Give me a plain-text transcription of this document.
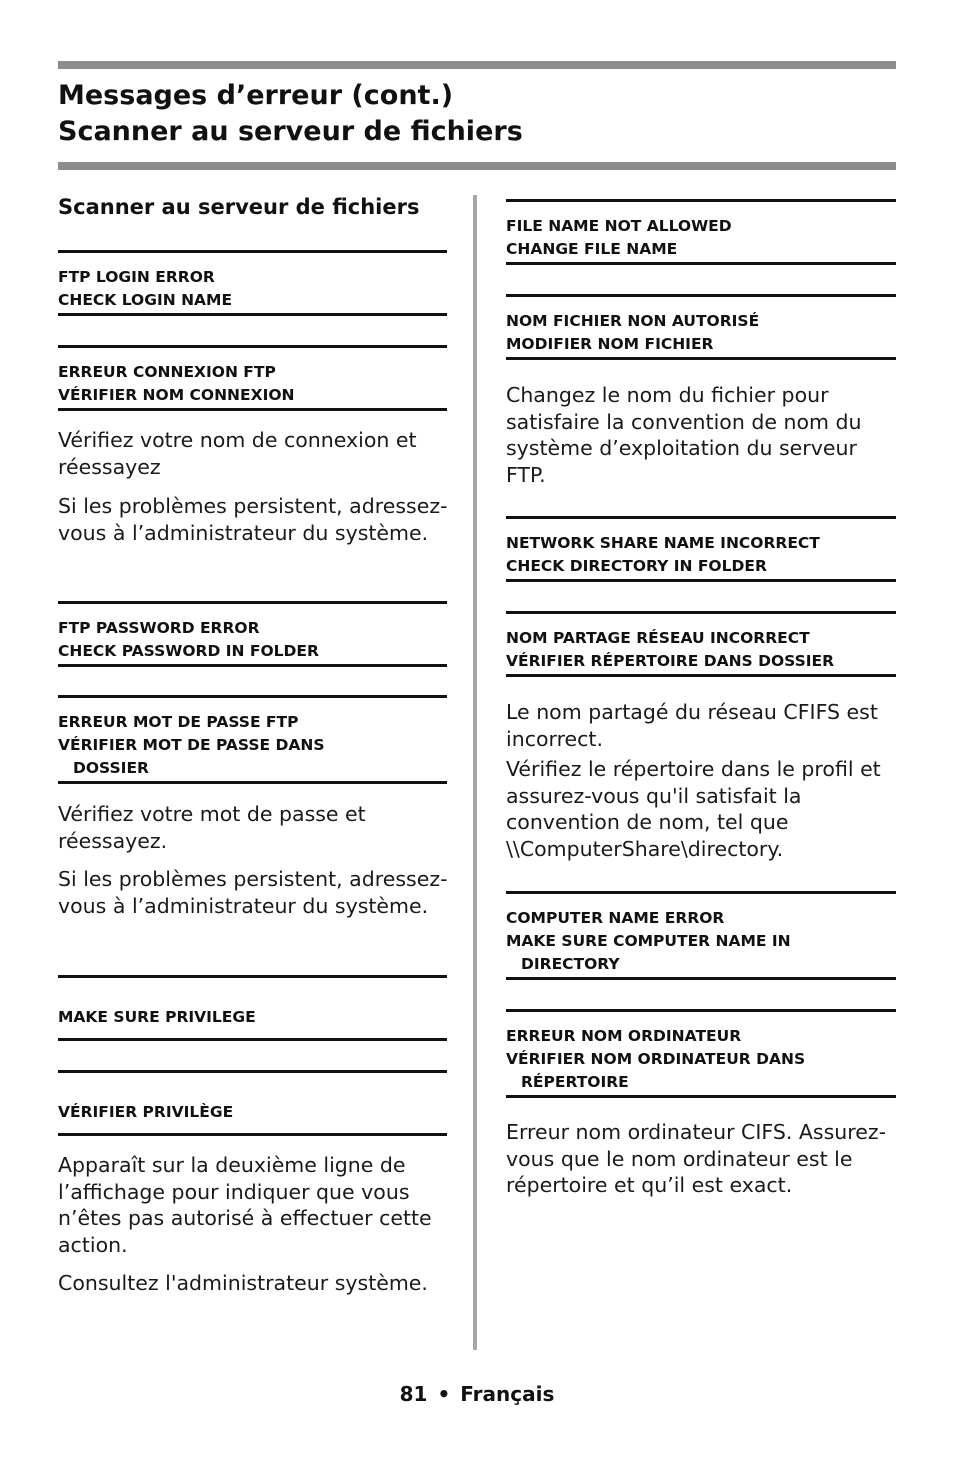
Messages d’erreur (cont.)
Scanner au serveur de fichiers
Scanner au serveur de fichiers
FTP LOGIN ERROR
CHECK LOGIN NAME
ERREUR CONNEXION FTP
VÉRIFIER NOM CONNEXION

Vérifiez votre nom de connexion et réessayez

Si les problèmes persistent, adressez-vous à l’administrateur du système.

FTP PASSWORD ERROR
CHECK PASSWORD IN FOLDER
ERREUR MOT DE PASSE FTP
VÉRIFIER MOT DE PASSE DANS
DOSSIER

Vérifiez votre mot de passe et réessayez.

Si les problèmes persistent, adressez-vous à l’administrateur du système.

MAKE SURE PRIVILEGE
VÉRIFIER PRIVILÈGE

Apparaît sur la deuxième ligne de l’affichage pour indiquer que vous n’êtes pas autorisé à effectuer cette action.

Consultez l'administrateur système.

FILE NAME NOT ALLOWED
CHANGE FILE NAME
NOM FICHIER NON AUTORISÉ
MODIFIER NOM FICHIER

Changez le nom du fichier pour satisfaire la convention de nom du système d’exploitation du serveur FTP.

NETWORK SHARE NAME INCORRECT
CHECK DIRECTORY IN FOLDER
NOM PARTAGE RÉSEAU INCORRECT
VÉRIFIER RÉPERTOIRE DANS DOSSIER

Le nom partagé du réseau CFIFS est incorrect.

Vérifiez le répertoire dans le profil et assurez-vous qu'il satisfait la convention de nom, tel que \\ComputerShare\directory.

COMPUTER NAME ERROR
MAKE SURE COMPUTER NAME IN
DIRECTORY
ERREUR NOM ORDINATEUR
VÉRIFIER NOM ORDINATEUR DANS
RÉPERTOIRE

Erreur nom ordinateur CIFS. Assurez-vous que le nom ordinateur est le répertoire et qu’il est exact.

81 • Français
